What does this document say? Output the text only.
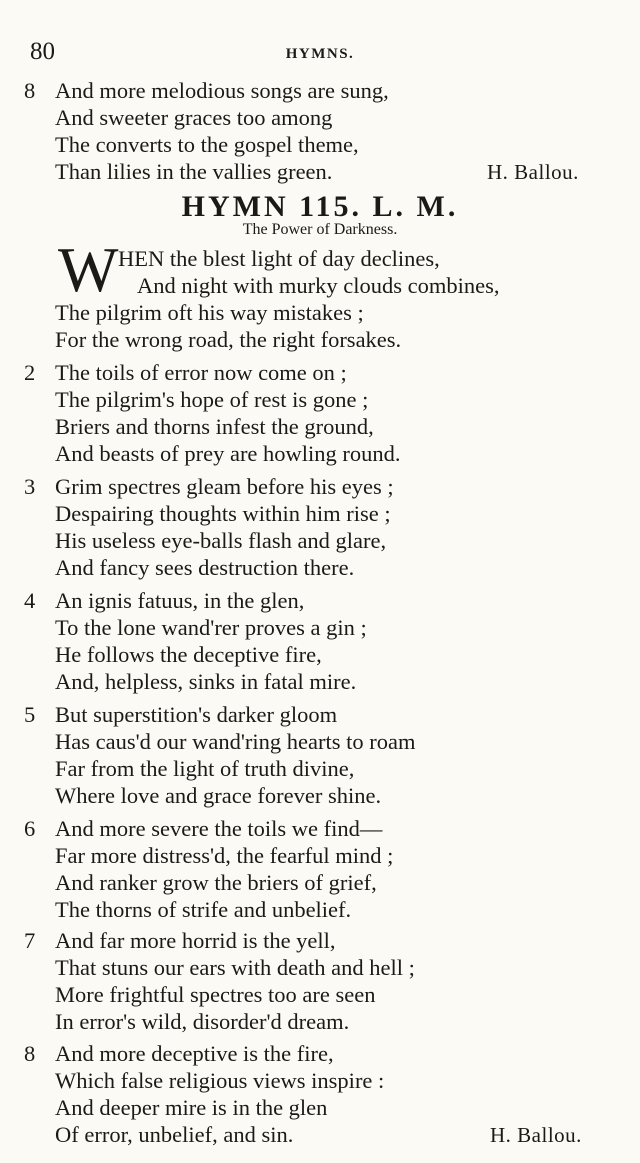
80	HYMNS.
8 And more melodious songs are sung,
And sweeter graces too among
The converts to the gospel theme,
Than lilies in the vallies green.	H. Ballou.
HYMN 115. L. M.
The Power of Darkness.
W HEN the blest light of day declines,
And night with murky clouds combines,
The pilgrim oft his way mistakes ;
For the wrong road, the right forsakes.
2 The toils of error now come on ;
The pilgrim's hope of rest is gone ;
Briers and thorns infest the ground,
And beasts of prey are howling round.
3 Grim spectres gleam before his eyes ;
Despairing thoughts within him rise ;
His useless eye-balls flash and glare,
And fancy sees destruction there.
4 An ignis fatuus, in the glen,
To the lone wand'rer proves a gin ;
He follows the deceptive fire,
And, helpless, sinks in fatal mire.
5 But superstition's darker gloom
Has caus'd our wand'ring hearts to roam
Far from the light of truth divine,
Where love and grace forever shine.
6 And more severe the toils we find—
Far more distress'd, the fearful mind ;
And ranker grow the briers of grief,
The thorns of strife and unbelief.
7 And far more horrid is the yell,
That stuns our ears with death and hell ;
More frightful spectres too are seen
In error's wild, disorder'd dream.
8 And more deceptive is the fire,
Which false religious views inspire :
And deeper mire is in the glen
Of error, unbelief, and sin.	H. Ballou.
